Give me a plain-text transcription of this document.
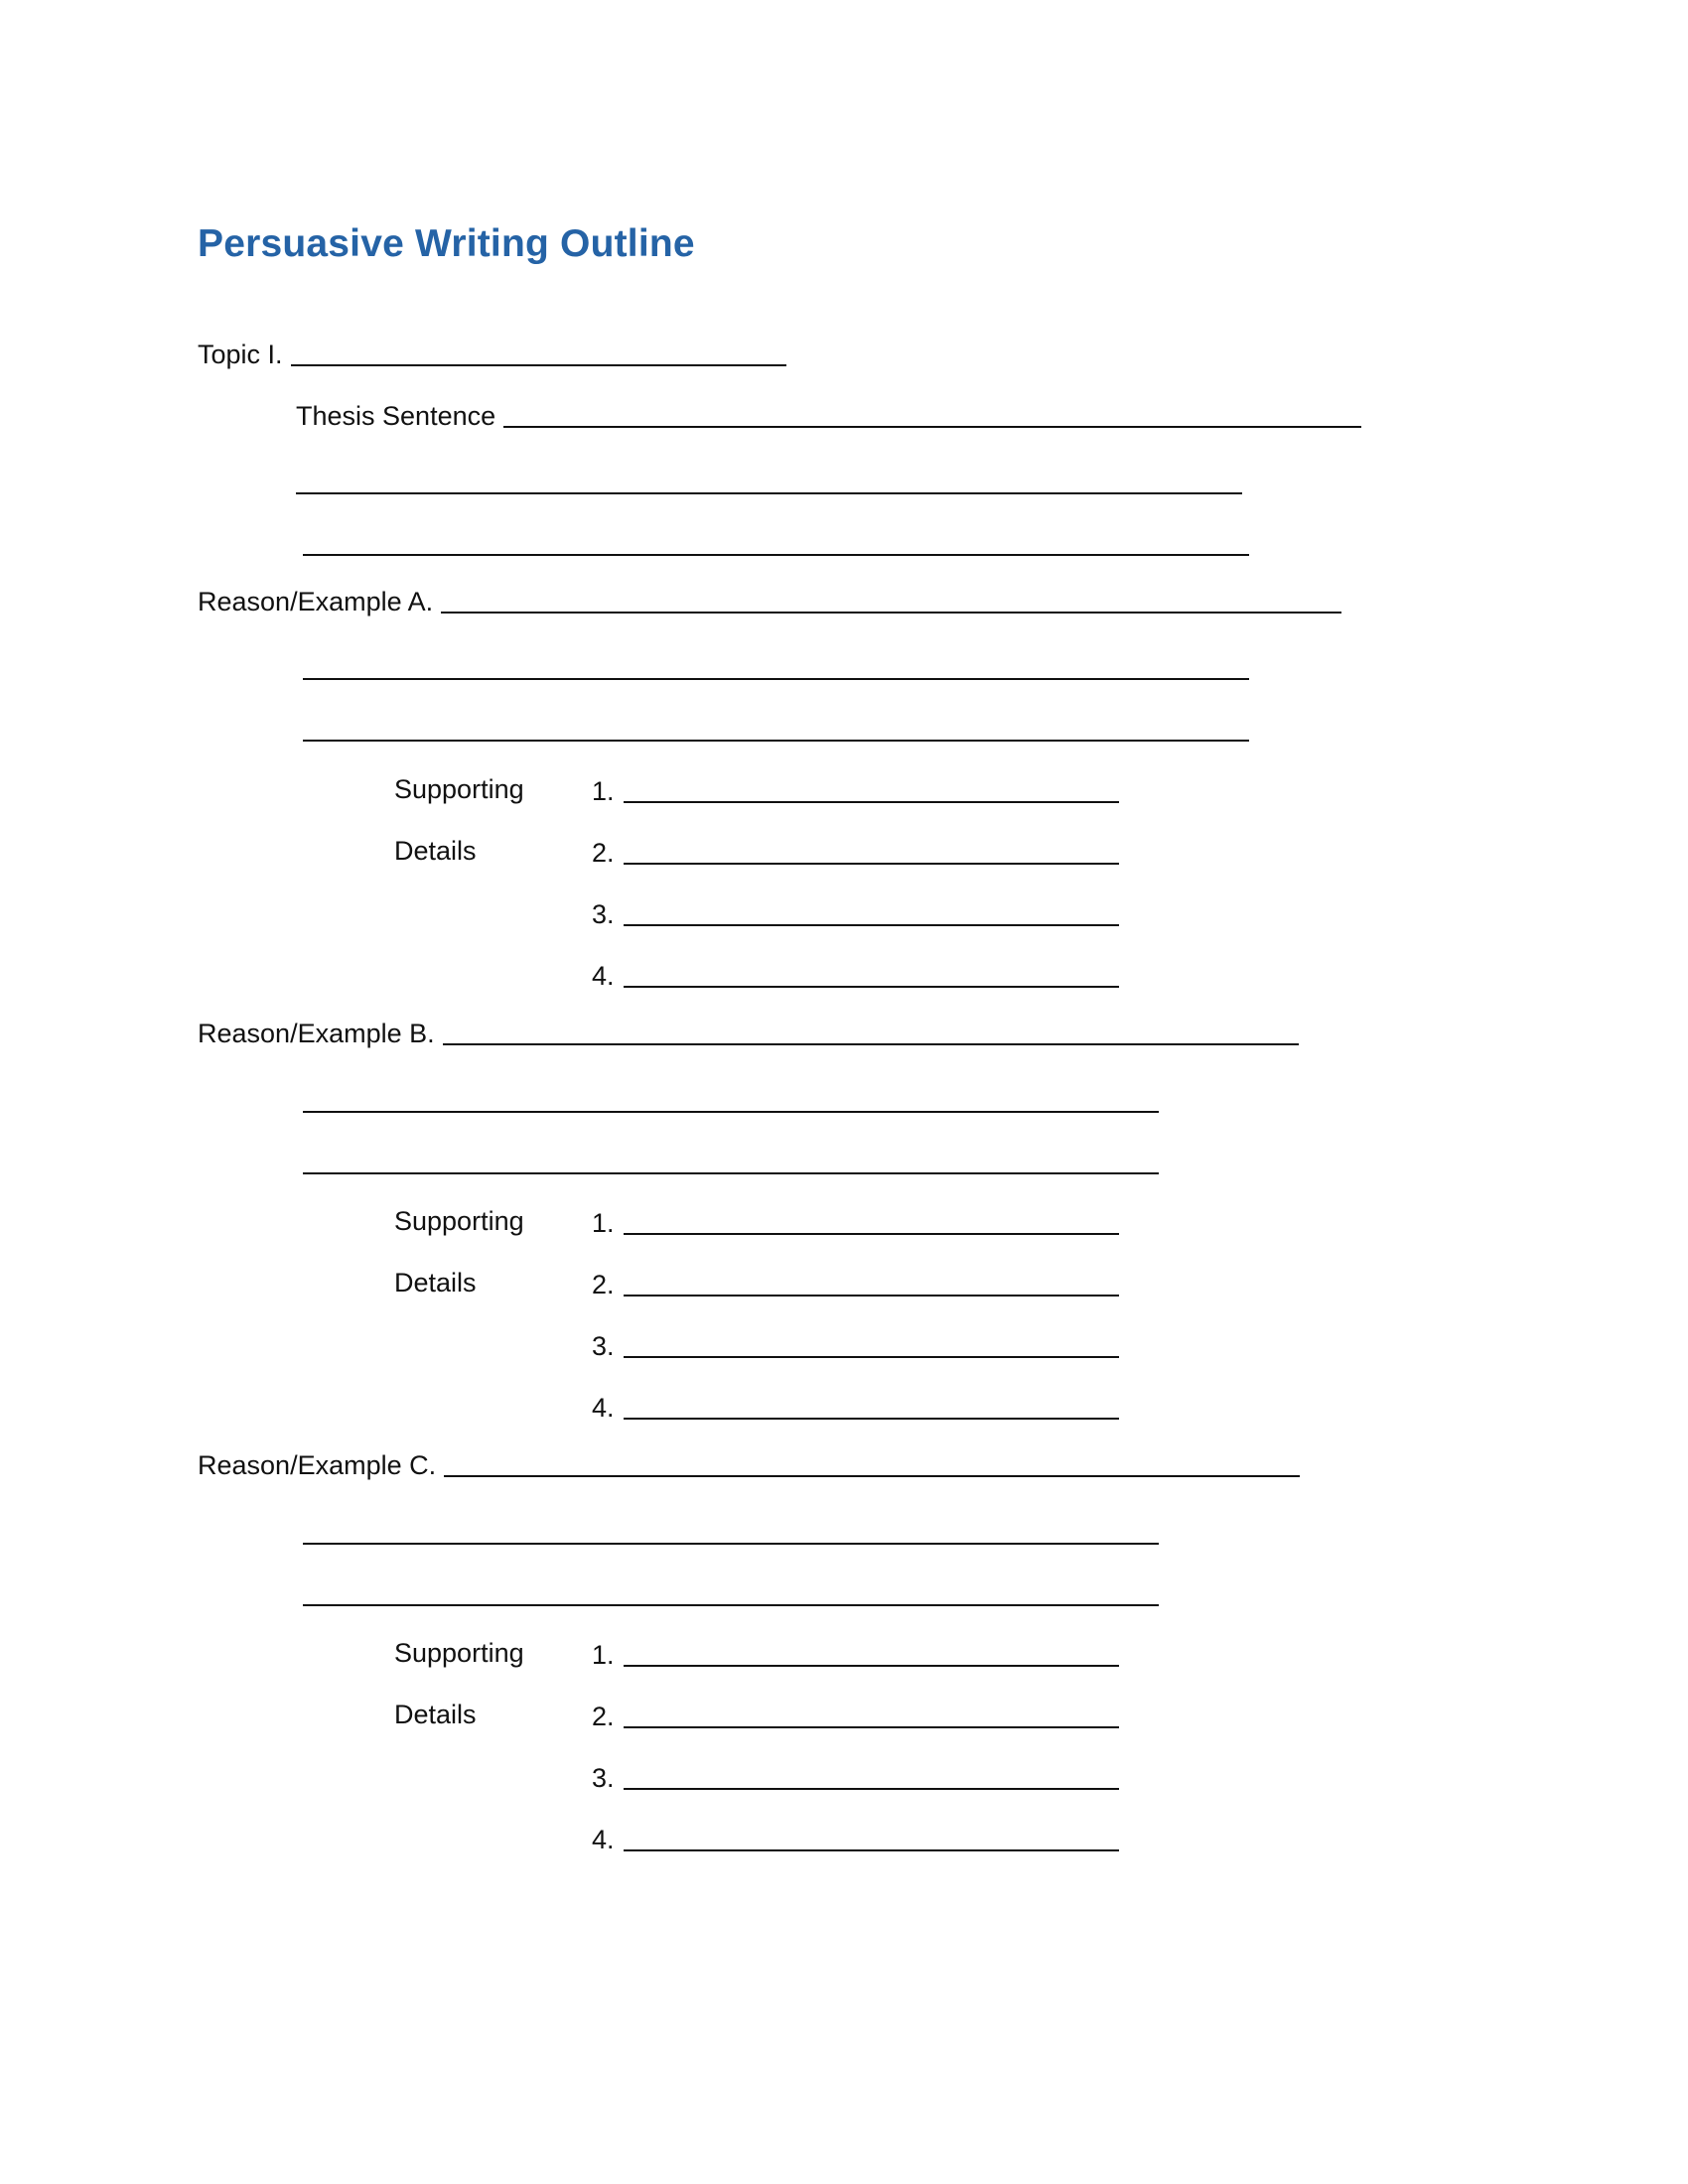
Persuasive Writing Outline
Topic I.
Thesis Sentence
Reason/Example A.
Supporting
Details
1.
2.
3.
4.
Reason/Example B.
Supporting
Details
1.
2.
3.
4.
Reason/Example C.
Supporting
Details
1.
2.
3.
4.
